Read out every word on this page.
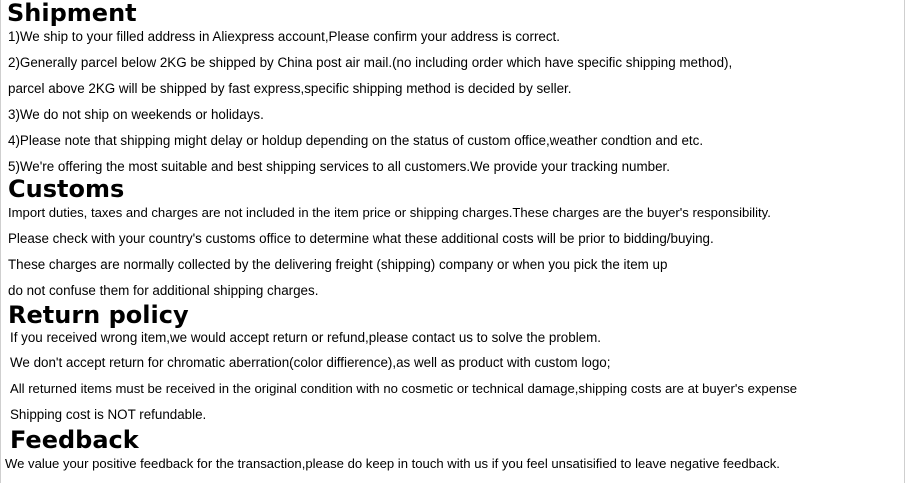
Shipment

1)We ship to your filled address in Aliexpress account,Please confirm your address is correct.

2)Generally parcel below 2KG be shipped by China post air mail.(no including order which have specific shipping method),

parcel above 2KG will be shipped by fast express,specific shipping method is decided by seller.

3)We do not ship on weekends or holidays.

4)Please note that shipping might delay or holdup depending on the status of custom office,weather condtion and etc.

5)We're offering the most suitable and best shipping services to all customers.We provide your tracking number.

Customs

Import duties, taxes and charges are not included in the item price or shipping charges.These charges are the buyer's responsibility.

Please check with your country's customs office to determine what these additional costs will be prior to bidding/buying.

These charges are normally collected by the delivering freight (shipping) company or when you pick the item up

do not confuse them for additional shipping charges.

Return policy

If you received wrong item,we would accept return or refund,please contact us to solve the problem.

We don't accept return for chromatic aberration(color diffierence),as well as product with custom logo;

All returned items must be received in the original condition with no cosmetic or technical damage,shipping costs are at buyer's expense

Shipping cost is NOT refundable.

Feedback

We value your positive feedback for the transaction,please do keep in touch with us if you feel unsatisified to leave negative feedback.
